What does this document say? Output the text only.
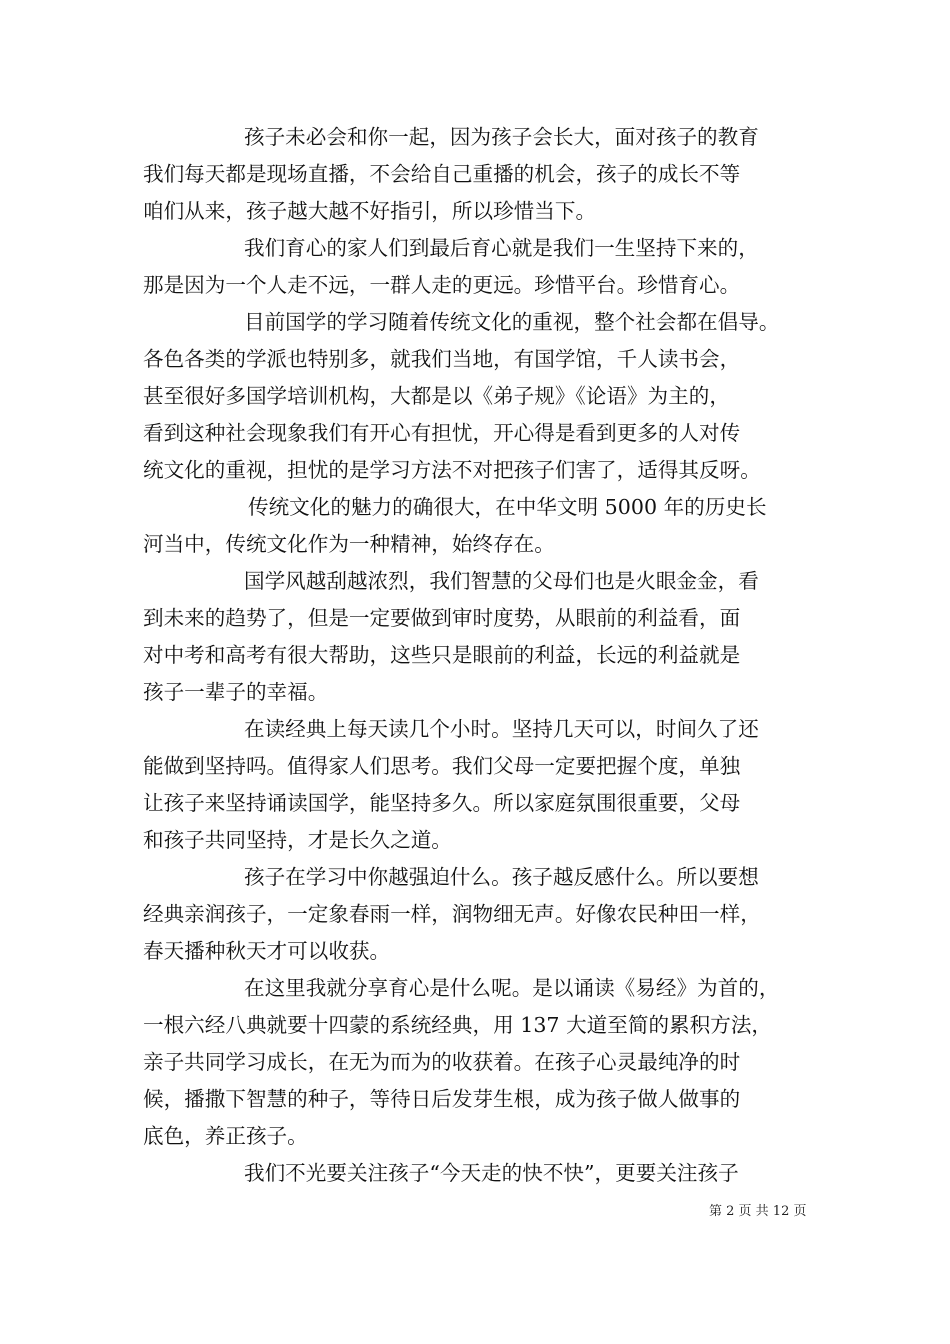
孩子未必会和你一起，因为孩子会长大，面对孩子的教育
我们每天都是现场直播，不会给自己重播的机会，孩子的成长不等
咱们从来，孩子越大越不好指引，所以珍惜当下。
我们育心的家人们到最后育心就是我们一生坚持下来的，
那是因为一个人走不远，一群人走的更远。珍惜平台。珍惜育心。
目前国学的学习随着传统文化的重视，整个社会都在倡导。
各色各类的学派也特别多，就我们当地，有国学馆，千人读书会，
甚至很好多国学培训机构，大都是以《弟子规》《论语》为主的，
看到这种社会现象我们有开心有担忧，开心得是看到更多的人对传
统文化的重视，担忧的是学习方法不对把孩子们害了，适得其反呀。
传统文化的魅力的确很大，在中华文明 5000 年的历史长
河当中，传统文化作为一种精神，始终存在。
国学风越刮越浓烈，我们智慧的父母们也是火眼金金，看
到未来的趋势了，但是一定要做到审时度势，从眼前的利益看，面
对中考和高考有很大帮助，这些只是眼前的利益，长远的利益就是
孩子一辈子的幸福。
在读经典上每天读几个小时。坚持几天可以，时间久了还
能做到坚持吗。值得家人们思考。我们父母一定要把握个度，单独
让孩子来坚持诵读国学，能坚持多久。所以家庭氛围很重要，父母
和孩子共同坚持，才是长久之道。
孩子在学习中你越强迫什么。孩子越反感什么。所以要想
经典亲润孩子，一定象春雨一样，润物细无声。好像农民种田一样，
春天播种秋天才可以收获。
在这里我就分享育心是什么呢。是以诵读《易经》为首的，
一根六经八典就要十四蒙的系统经典，用 137 大道至简的累积方法，
亲子共同学习成长，在无为而为的收获着。在孩子心灵最纯净的时
候，播撒下智慧的种子，等待日后发芽生根，成为孩子做人做事的
底色，养正孩子。
我们不光要关注孩子“今天走的快不快”，更要关注孩子
第 2 页 共 12 页
